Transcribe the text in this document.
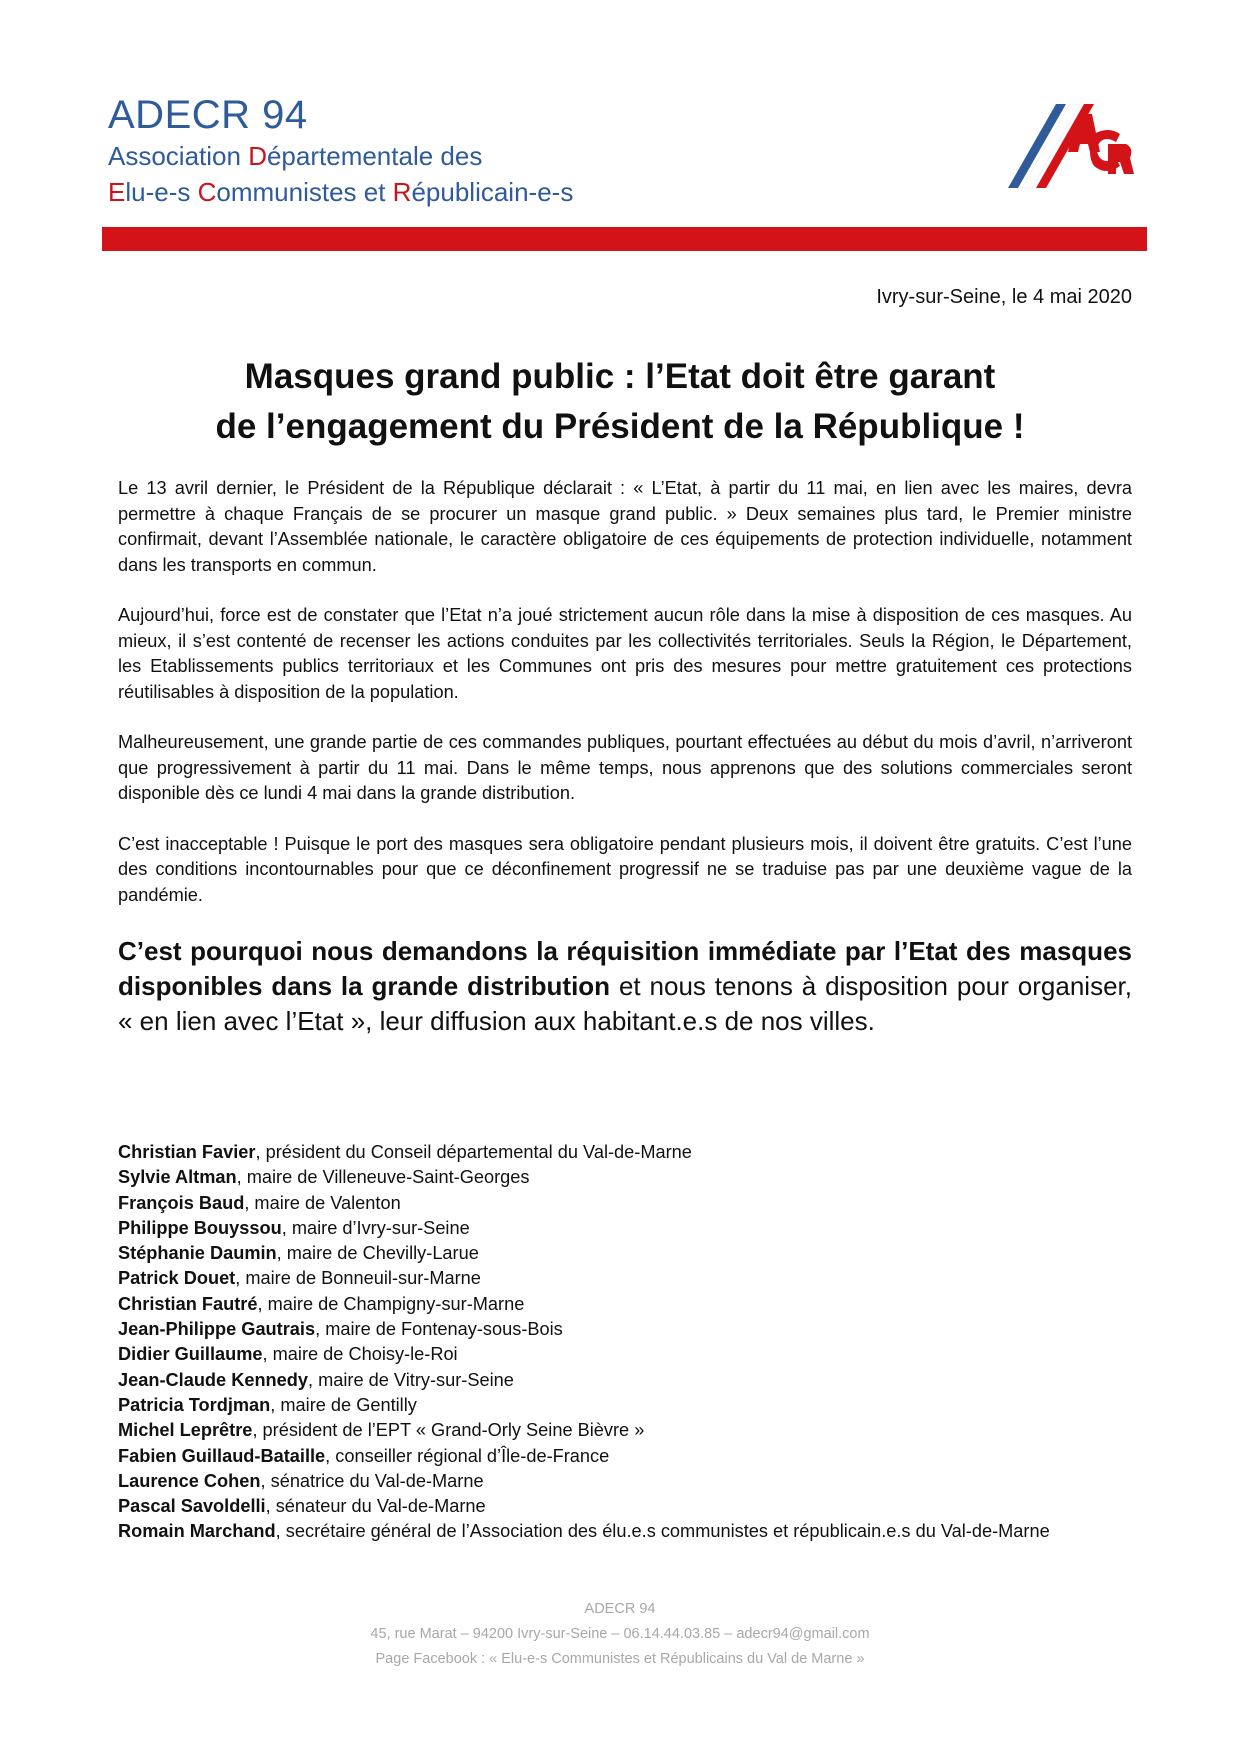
ADECR 94
Association Départementale des
Elu-e-s Communistes et Républicain-e-s
Ivry-sur-Seine, le 4 mai 2020
Masques grand public : l’Etat doit être garant
de l’engagement du Président de la République !

Le 13 avril dernier, le Président de la République déclarait : « L’Etat, à partir du 11 mai, en lien avec les maires, devra permettre à chaque Français de se procurer un masque grand public. » Deux semaines plus tard, le Premier ministre confirmait, devant l’Assemblée nationale, le caractère obligatoire de ces équipements de protection individuelle, notamment dans les transports en commun.

Aujourd’hui, force est de constater que l’Etat n’a joué strictement aucun rôle dans la mise à disposition de ces masques. Au mieux, il s’est contenté de recenser les actions conduites par les collectivités territoriales. Seuls la Région, le Département, les Etablissements publics territoriaux et les Communes ont pris des mesures pour mettre gratuitement ces protections réutilisables à disposition de la population.

Malheureusement, une grande partie de ces commandes publiques, pourtant effectuées au début du mois d’avril, n’arriveront que progressivement à partir du 11 mai. Dans le même temps, nous apprenons que des solutions commerciales seront disponible dès ce lundi 4 mai dans la grande distribution.

C’est inacceptable ! Puisque le port des masques sera obligatoire pendant plusieurs mois, il doivent être gratuits. C’est l’une des conditions incontournables pour que ce déconfinement progressif ne se traduise pas par une deuxième vague de la pandémie.

C’est pourquoi nous demandons la réquisition immédiate par l’Etat des masques disponibles dans la grande distribution et nous tenons à disposition pour organiser, « en lien avec l’Etat », leur diffusion aux habitant.e.s de nos villes.
Christian Favier, président du Conseil départemental du Val-de-Marne
Sylvie Altman, maire de Villeneuve-Saint-Georges
François Baud, maire de Valenton
Philippe Bouyssou, maire d’Ivry-sur-Seine
Stéphanie Daumin, maire de Chevilly-Larue
Patrick Douet, maire de Bonneuil-sur-Marne
Christian Fautré, maire de Champigny-sur-Marne
Jean-Philippe Gautrais, maire de Fontenay-sous-Bois
Didier Guillaume, maire de Choisy-le-Roi
Jean-Claude Kennedy, maire de Vitry-sur-Seine
Patricia Tordjman, maire de Gentilly
Michel Leprêtre, président de l’EPT « Grand-Orly Seine Bièvre »
Fabien Guillaud-Bataille, conseiller régional d’Île-de-France
Laurence Cohen, sénatrice du Val-de-Marne
Pascal Savoldelli, sénateur du Val-de-Marne
Romain Marchand, secrétaire général de l’Association des élu.e.s communistes et républicain.e.s du Val-de-Marne
ADECR 94
45, rue Marat – 94200 Ivry-sur-Seine – 06.14.44.03.85 – adecr94@gmail.com
Page Facebook : « Elu-e-s Communistes et Républicains du Val de Marne »
